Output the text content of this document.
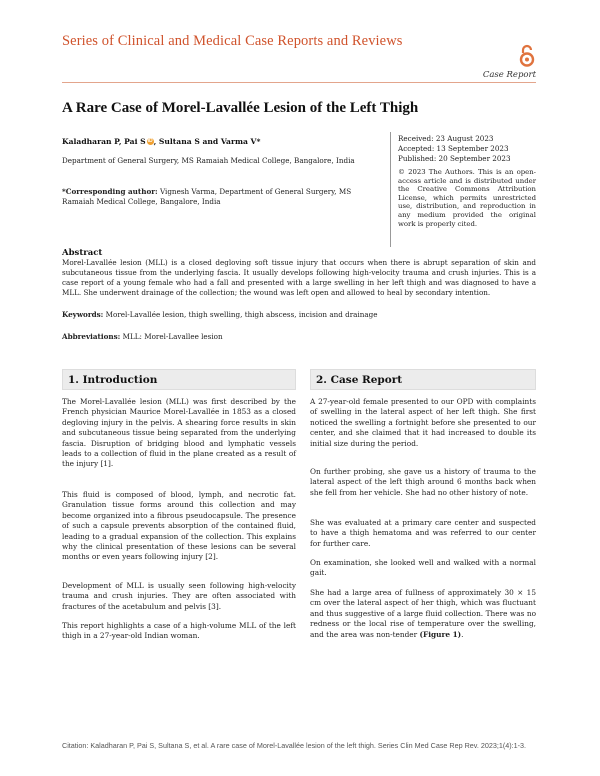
Series of Clinical and Medical Case Reports and Reviews
Case Report
A Rare Case of Morel-Lavallée Lesion of the Left Thigh
Kaladharan P, Pai S iD, Sultana S and Varma V*
Department of General Surgery, MS Ramaiah Medical College, Bangalore, India
*Corresponding author: Vignesh Varma, Department of General Surgery, MS Ramaiah Medical College, Bangalore, India
Received: 23 August 2023
Accepted: 13 September 2023
Published: 20 September 2023
© 2023 The Authors. This is an open-access article and is distributed under the Creative Commons Attribution License, which permits unrestricted use, distribution, and reproduction in any medium provided the original work is properly cited.
Abstract
Morel-Lavallée lesion (MLL) is a closed degloving soft tissue injury that occurs when there is abrupt separation of skin and subcutaneous tissue from the underlying fascia. It usually develops following high-velocity trauma and crush injuries. This is a case report of a young female who had a fall and presented with a large swelling in her left thigh and was diagnosed to have a MLL. She underwent drainage of the collection; the wound was left open and allowed to heal by secondary intention.
Keywords: Morel-Lavallée lesion, thigh swelling, thigh abscess, incision and drainage
Abbreviations: MLL: Morel-Lavallee lesion
1. Introduction	2. Case Report

The Morel-Lavallée lesion (MLL) was first described by the French physician Maurice Morel-Lavallée in 1853 as a closed degloving injury in the pelvis. A shearing force results in skin and subcutaneous tissue being separated from the underlying fascia. Disruption of bridging blood and lymphatic vessels leads to a collection of fluid in the plane created as a result of the injury [1].

This fluid is composed of blood, lymph, and necrotic fat. Granulation tissue forms around this collection and may become organized into a fibrous pseudocapsule. The presence of such a capsule prevents absorption of the contained fluid, leading to a gradual expansion of the collection. This explains why the clinical presentation of these lesions can be several months or even years following injury [2].

Development of MLL is usually seen following high-velocity trauma and crush injuries. They are often associated with fractures of the acetabulum and pelvis [3].

This report highlights a case of a high-volume MLL of the left thigh in a 27-year-old Indian woman.

A 27-year-old female presented to our OPD with complaints of swelling in the lateral aspect of her left thigh. She first noticed the swelling a fortnight before she presented to our center, and she claimed that it had increased to double its initial size during the period.

On further probing, she gave us a history of trauma to the lateral aspect of the left thigh around 6 months back when she fell from her vehicle. She had no other history of note.

She was evaluated at a primary care center and suspected to have a thigh hematoma and was referred to our center for further care.

On examination, she looked well and walked with a normal gait.

She had a large area of fullness of approximately 30 × 15 cm over the lateral aspect of her thigh, which was fluctuant and thus suggestive of a large fluid collection. There was no redness or the local rise of temperature over the swelling, and the area was non-tender (Figure 1).

Citation: Kaladharan P, Pai S, Sultana S, et al. A rare case of Morel-Lavallée lesion of the left thigh. Series Clin Med Case Rep Rev. 2023;1(4):1-3.
